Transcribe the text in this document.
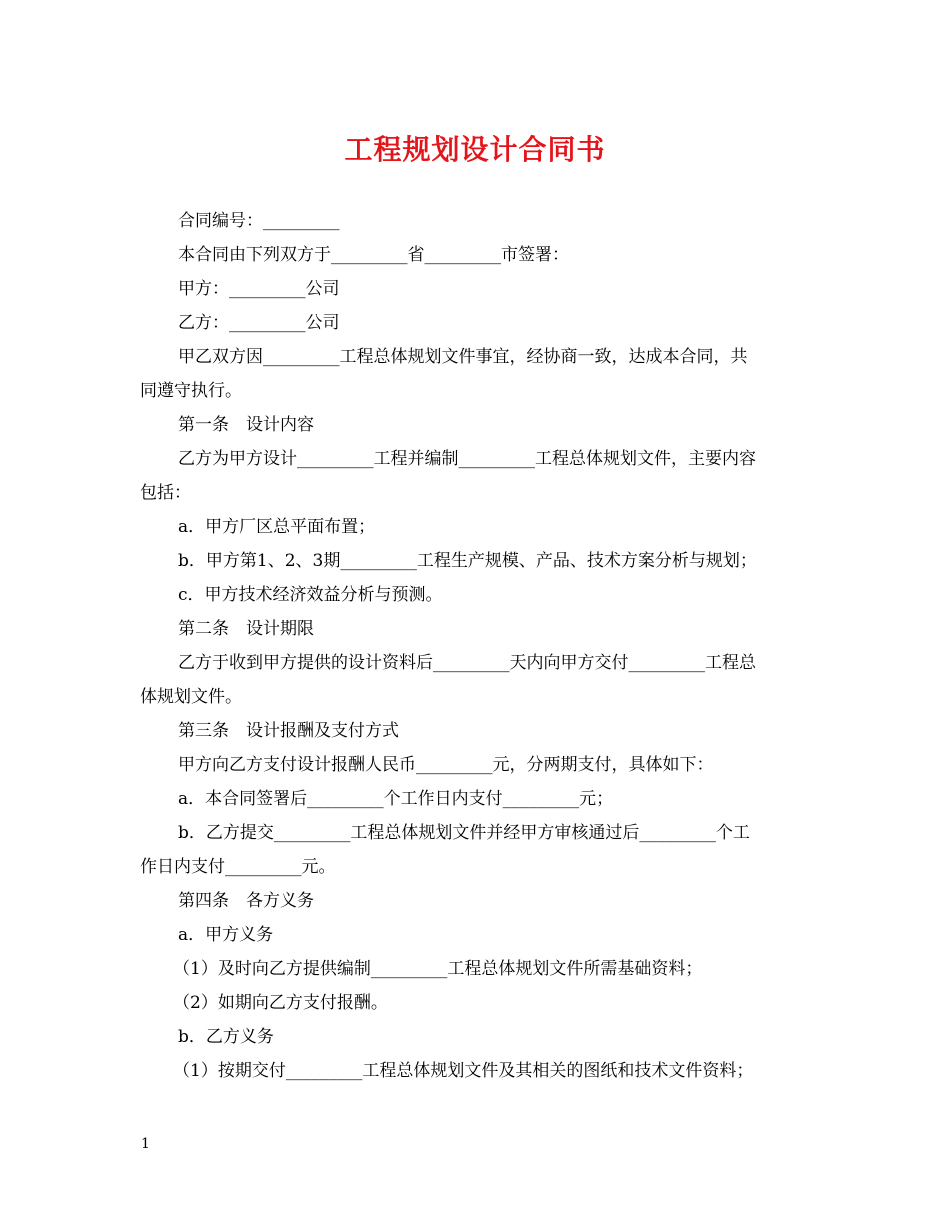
工程规划设计合同书
合同编号：_________
本合同由下列双方于_________省_________市签署：
甲方：_________公司
乙方：_________公司
甲乙双方因_________工程总体规划文件事宜，经协商一致，达成本合同，共
同遵守执行。
第一条　设计内容
乙方为甲方设计_________工程并编制_________工程总体规划文件，主要内容
包括：
a．甲方厂区总平面布置；
b．甲方第1、2、3期_________工程生产规模、产品、技术方案分析与规划；
c．甲方技术经济效益分析与预测。
第二条　设计期限
乙方于收到甲方提供的设计资料后_________天内向甲方交付_________工程总
体规划文件。
第三条　设计报酬及支付方式
甲方向乙方支付设计报酬人民币_________元，分两期支付，具体如下：
a．本合同签署后_________个工作日内支付_________元；
b．乙方提交_________工程总体规划文件并经甲方审核通过后_________个工
作日内支付_________元。
第四条　各方义务
a．甲方义务
（1）及时向乙方提供编制_________工程总体规划文件所需基础资料；
（2）如期向乙方支付报酬。
b．乙方义务
（1）按期交付_________工程总体规划文件及其相关的图纸和技术文件资料；
1
